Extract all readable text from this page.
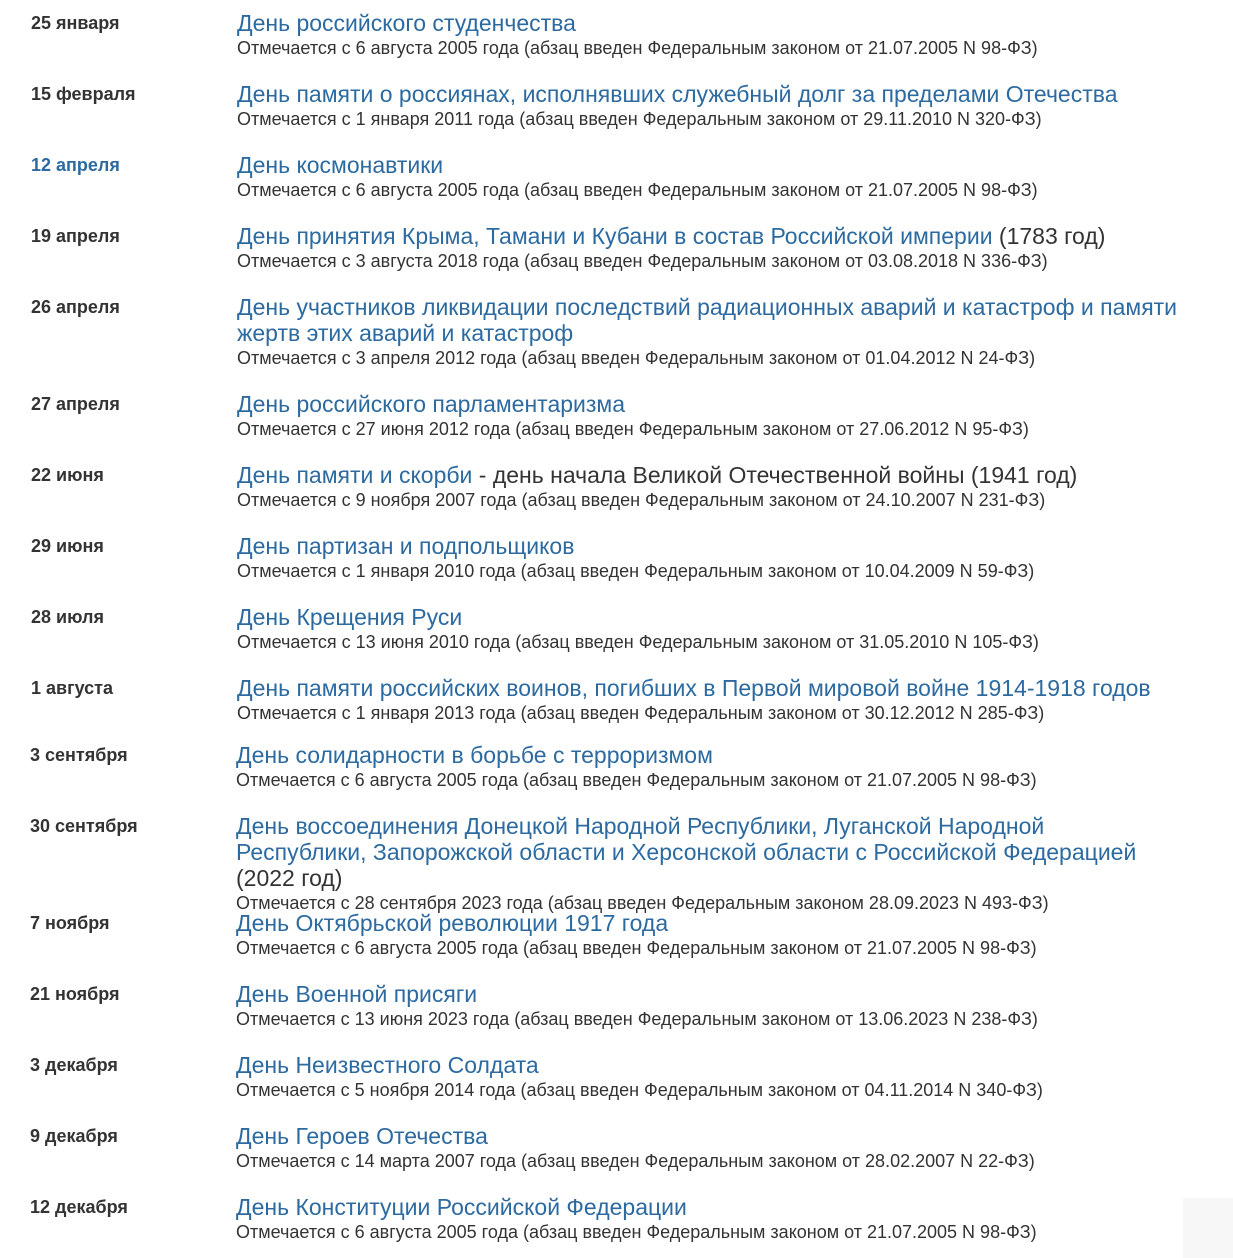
25 января	День российского студенчества
Отмечается с 6 августа 2005 года (абзац введен Федеральным законом от 21.07.2005 N 98-ФЗ)
15 февраля	День памяти о россиянах, исполнявших служебный долг за пределами Отечества
Отмечается с 1 января 2011 года (абзац введен Федеральным законом от 29.11.2010 N 320-ФЗ)
12 апреля	День космонавтики
Отмечается с 6 августа 2005 года (абзац введен Федеральным законом от 21.07.2005 N 98-ФЗ)
19 апреля	День принятия Крыма, Тамани и Кубани в состав Российской империи (1783 год)
Отмечается с 3 августа 2018 года (абзац введен Федеральным законом от 03.08.2018 N 336-ФЗ)
26 апреля	День участников ликвидации последствий радиационных аварий и катастроф и памяти жертв этих аварий и катастроф
Отмечается с 3 апреля 2012 года (абзац введен Федеральным законом от 01.04.2012 N 24-ФЗ)
27 апреля	День российского парламентаризма
Отмечается с 27 июня 2012 года (абзац введен Федеральным законом от 27.06.2012 N 95-ФЗ)
22 июня	День памяти и скорби - день начала Великой Отечественной войны (1941 год)
Отмечается с 9 ноября 2007 года (абзац введен Федеральным законом от 24.10.2007 N 231-ФЗ)
29 июня	День партизан и подпольщиков
Отмечается с 1 января 2010 года (абзац введен Федеральным законом от 10.04.2009 N 59-ФЗ)
28 июля	День Крещения Руси
Отмечается с 13 июня 2010 года (абзац введен Федеральным законом от 31.05.2010 N 105-ФЗ)
1 августа	День памяти российских воинов, погибших в Первой мировой войне 1914-1918 годов
Отмечается с 1 января 2013 года (абзац введен Федеральным законом от 30.12.2012 N 285-ФЗ)
3 сентября	День солидарности в борьбе с терроризмом
Отмечается с 6 августа 2005 года (абзац введен Федеральным законом от 21.07.2005 N 98-ФЗ)
30 сентября	День воссоединения Донецкой Народной Республики, Луганской Народной Республики, Запорожской области и Херсонской области с Российской Федерацией (2022 год)
Отмечается с 28 сентября 2023 года (абзац введен Федеральным законом 28.09.2023 N 493-ФЗ)
7 ноября	День Октябрьской революции 1917 года
Отмечается с 6 августа 2005 года (абзац введен Федеральным законом от 21.07.2005 N 98-ФЗ)
21 ноября	День Военной присяги
Отмечается с 13 июня 2023 года (абзац введен Федеральным законом от 13.06.2023 N 238-ФЗ)
3 декабря	День Неизвестного Солдата
Отмечается с 5 ноября 2014 года (абзац введен Федеральным законом от 04.11.2014 N 340-ФЗ)
9 декабря	День Героев Отечества
Отмечается с 14 марта 2007 года (абзац введен Федеральным законом от 28.02.2007 N 22-ФЗ)
12 декабря	День Конституции Российской Федерации
Отмечается с 6 августа 2005 года (абзац введен Федеральным законом от 21.07.2005 N 98-ФЗ)
